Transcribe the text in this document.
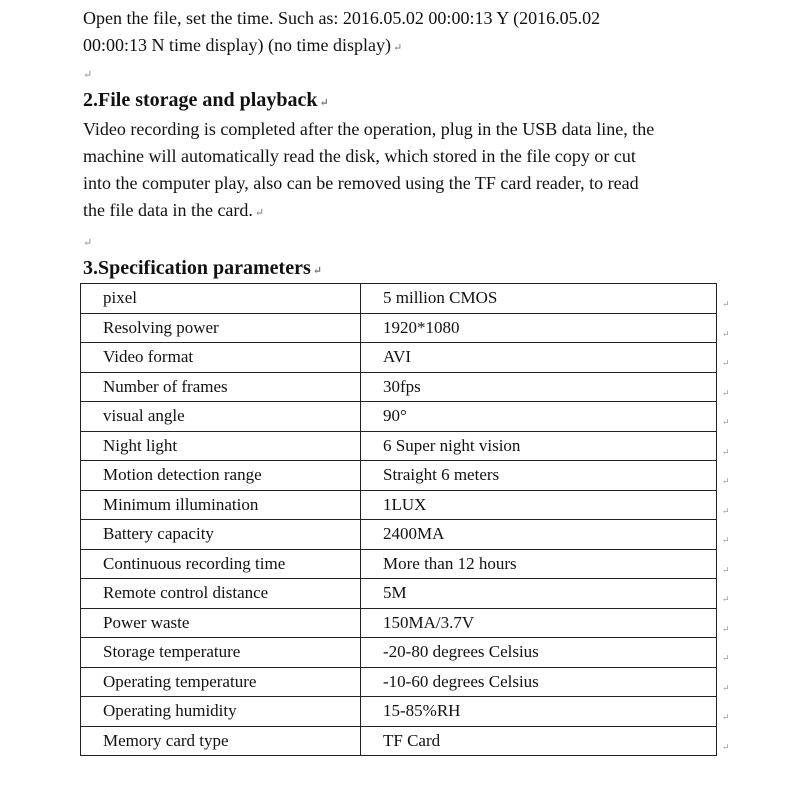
Open the file, set the time. Such as: 2016.05.02 00:00:13 Y (2016.05.02
00:00:13 N time display) (no time display) ↵

↵
2.File storage and playback ↵

Video recording is completed after the operation, plug in the USB data line, the
machine will automatically read the disk, which stored in the file copy or cut
into the computer play, also can be removed using the TF card reader, to read
the file data in the card. ↵

↵
3.Specification parameters ↵
pixel	5 million CMOS
Resolving power	1920*1080
Video format	AVI
Number of frames	30fps
visual angle	90°
Night light	6 Super night vision
Motion detection range	Straight 6 meters
Minimum illumination	1LUX
Battery capacity	2400MA
Continuous recording time	More than 12 hours
Remote control distance	5M
Power waste	150MA/3.7V
Storage temperature	-20-80 degrees Celsius
Operating temperature	-10-60 degrees Celsius
Operating humidity	15-85%RH
Memory card type	TF Card
↵
↵
↵
↵
↵
↵
↵
↵
↵
↵
↵
↵
↵
↵
↵
↵
